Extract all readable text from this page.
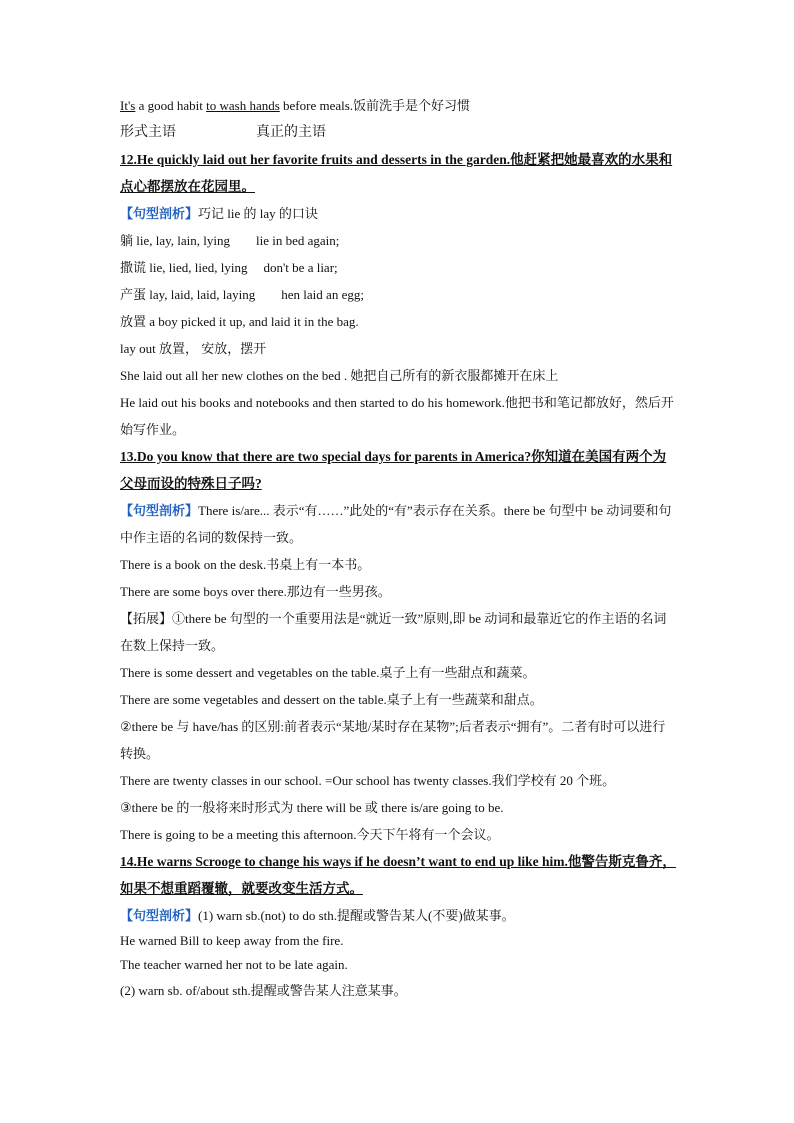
It's a good habit to wash hands before meals.饭前洗手是个好习惯
形式主语	真正的主语
12.He quickly laid out her favorite fruits and desserts in the garden.他赶紧把她最喜欢的水果和点心都摆放在花园里。
【句型剖析】巧记 lie 的 lay 的口诀
躺 lie, lay, lain, lying lie in bed again;
撒谎 lie, lied, lied, lying don't be a liar;
产蛋 lay, laid, laid, laying hen laid an egg;
放置 a boy picked it up, and laid it in the bag.
lay out 放置， 安放，摆开
She laid out all her new clothes on the bed . 她把自己所有的新衣服都摊开在床上
He laid out his books and notebooks and then started to do his homework.他把书和笔记都放好，然后开始写作业。
13.Do you know that there are two special days for parents in America?你知道在美国有两个为父母而设的特殊日子吗?
【句型剖析】There is/are... 表示“有……”此处的“有”表示存在关系。there be 句型中 be 动词要和句中作主语的名词的数保持一致。
There is a book on the desk.书桌上有一本书。
There are some boys over there.那边有一些男孩。
【拓展】①there be 句型的一个重要用法是“就近一致”原则,即 be 动词和最靠近它的作主语的名词在数上保持一致。
There is some dessert and vegetables on the table.桌子上有一些甜点和蔬菜。
There are some vegetables and dessert on the table.桌子上有一些蔬菜和甜点。
②there be 与 have/has 的区别:前者表示“某地/某时存在某物”;后者表示“拥有”。二者有时可以进行转换。
There are twenty classes in our school. =Our school has twenty classes.我们学校有 20 个班。
③there be 的一般将来时形式为 there will be 或 there is/are going to be.
There is going to be a meeting this afternoon.今天下午将有一个会议。
14.He warns Scrooge to change his ways if he doesn’t want to end up like him.他警告斯克鲁齐，如果不想重蹈覆辙，就要改变生活方式。
【句型剖析】(1) warn sb.(not) to do sth.提醒或警告某人(不要)做某事。
He warned Bill to keep away from the fire.
The teacher warned her not to be late again.
(2) warn sb. of/about sth.提醒或警告某人注意某事。
